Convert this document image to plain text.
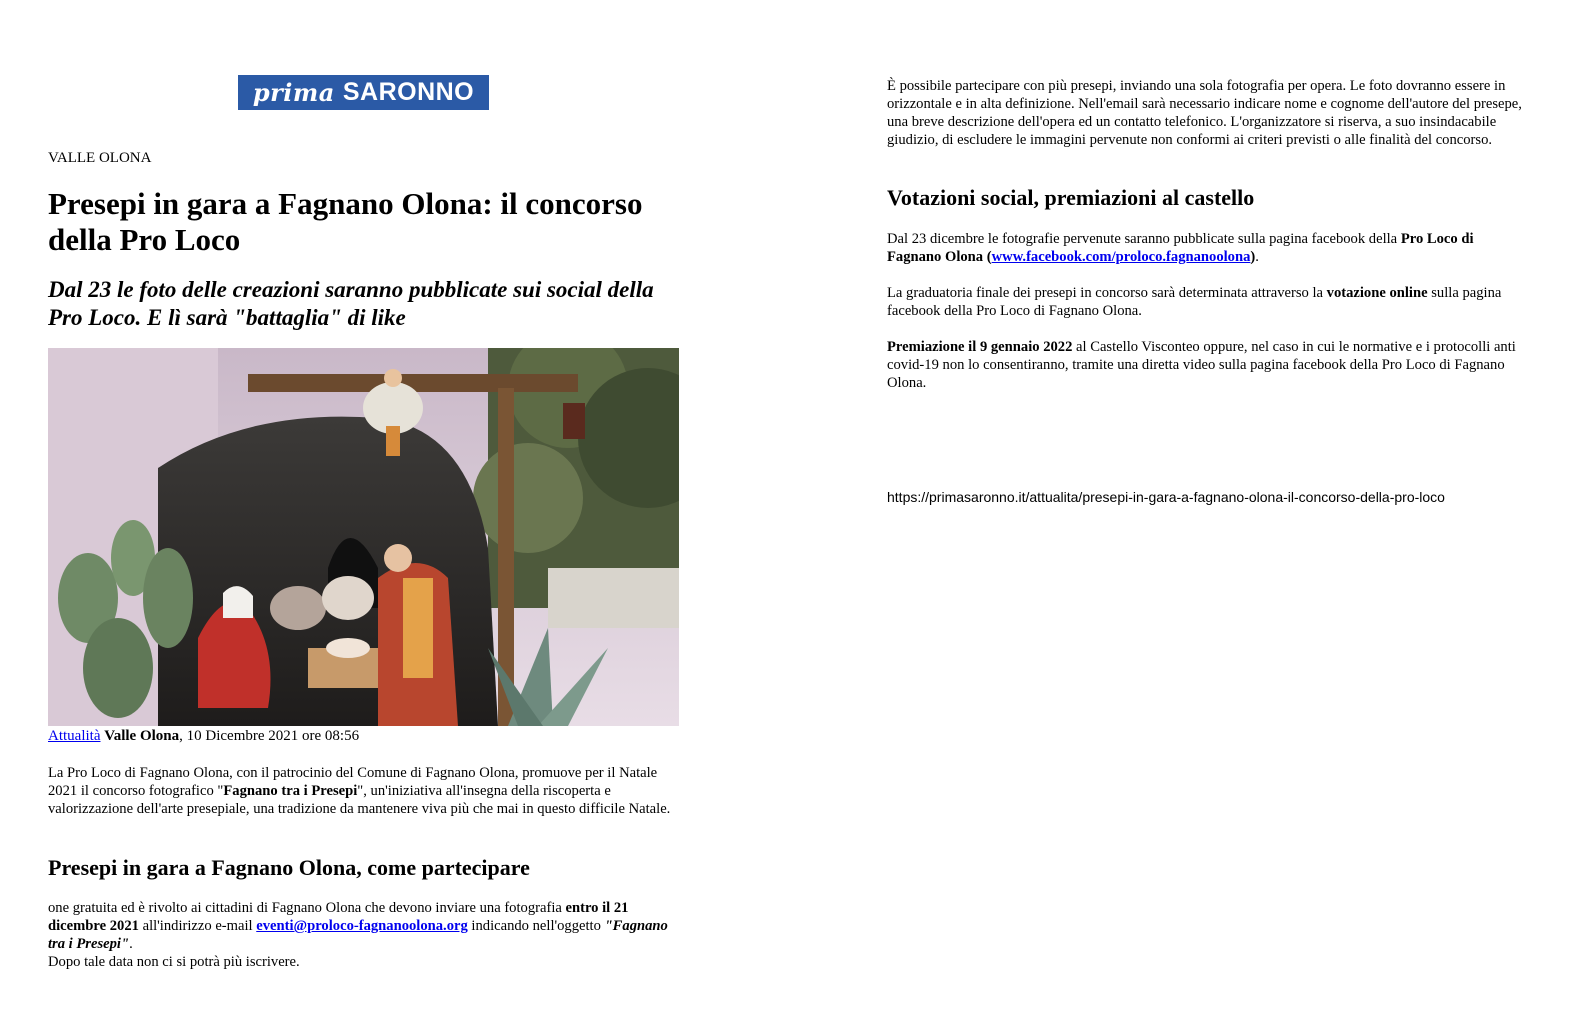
prima SARONNO
VALLE OLONA
Presepi in gara a Fagnano Olona: il concorso della Pro Loco
Dal 23 le foto delle creazioni saranno pubblicate sui social della Pro Loco. E lì sarà "battaglia" di like
Attualità Valle Olona, 10 Dicembre 2021 ore 08:56

La Pro Loco di Fagnano Olona, con il patrocinio del Comune di Fagnano Olona, promuove per il Natale 2021 il concorso fotografico "Fagnano tra i Presepi", un'iniziativa all'insegna della riscoperta e valorizzazione dell'arte presepiale, una tradizione da mantenere viva più che mai in questo difficile Natale.

Presepi in gara a Fagnano Olona, come partecipare

one gratuita ed è rivolto ai cittadini di Fagnano Olona che devono inviare una fotografia entro il 21 dicembre 2021 all'indirizzo e-mail eventi@proloco-fagnanoolona.org indicando nell'oggetto "Fagnano tra i Presepi".
Dopo tale data non ci si potrà più iscrivere.

È possibile partecipare con più presepi, inviando una sola fotografia per opera. Le foto dovranno essere in orizzontale e in alta definizione. Nell'email sarà necessario indicare nome e cognome dell'autore del presepe, una breve descrizione dell'opera ed un contatto telefonico. L'organizzatore si riserva, a suo insindacabile giudizio, di escludere le immagini pervenute non conformi ai criteri previsti o alle finalità del concorso.

Votazioni social, premiazioni al castello

Dal 23 dicembre le fotografie pervenute saranno pubblicate sulla pagina facebook della Pro Loco di Fagnano Olona (www.facebook.com/proloco.fagnanoolona).

La graduatoria finale dei presepi in concorso sarà determinata attraverso la votazione online sulla pagina facebook della Pro Loco di Fagnano Olona.

Premiazione il 9 gennaio 2022 al Castello Visconteo oppure, nel caso in cui le normative e i protocolli anti covid-19 non lo consentiranno, tramite una diretta video sulla pagina facebook della Pro Loco di Fagnano Olona.

https://primasaronno.it/attualita/presepi-in-gara-a-fagnano-olona-il-concorso-della-pro-loco
